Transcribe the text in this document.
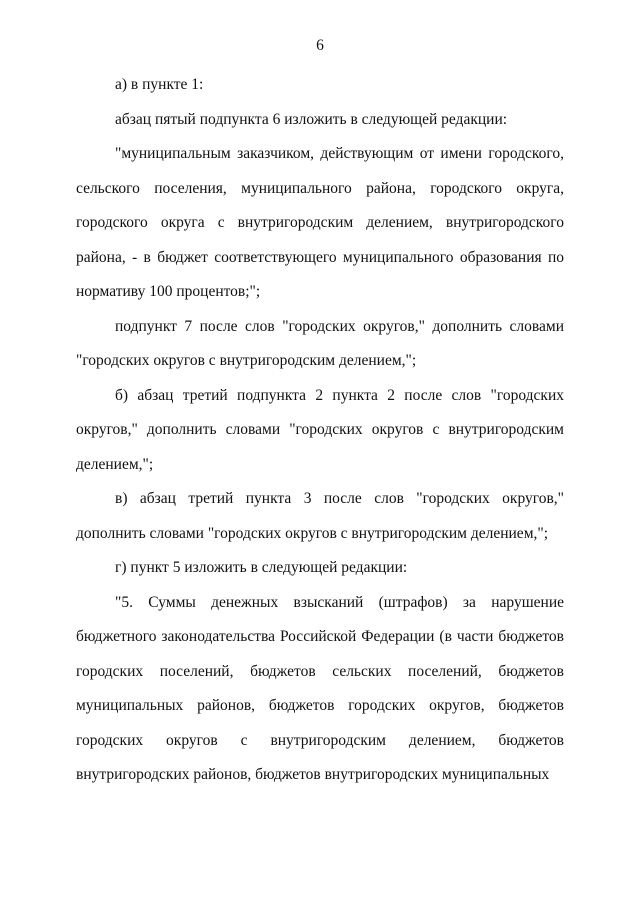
6

а) в пункте 1:

абзац пятый подпункта 6 изложить в следующей редакции:

"муниципальным заказчиком, действующим от имени городского, сельского поселения, муниципального района, городского округа, городского округа с внутригородским делением, внутригородского района, - в бюджет соответствующего муниципального образования по нормативу 100 процентов;";

подпункт 7 после слов "городских округов," дополнить словами "городских округов с внутригородским делением,";

б) абзац третий подпункта 2 пункта 2 после слов "городских округов," дополнить словами "городских округов с внутригородским делением,";

в) абзац третий пункта 3 после слов "городских округов," дополнить словами "городских округов с внутригородским делением,";

г) пункт 5 изложить в следующей редакции:

"5. Суммы денежных взысканий (штрафов) за нарушение бюджетного законодательства Российской Федерации (в части бюджетов городских поселений, бюджетов сельских поселений, бюджетов муниципальных районов, бюджетов городских округов, бюджетов городских округов с внутригородским делением, бюджетов внутригородских районов, бюджетов внутригородских муниципальных
